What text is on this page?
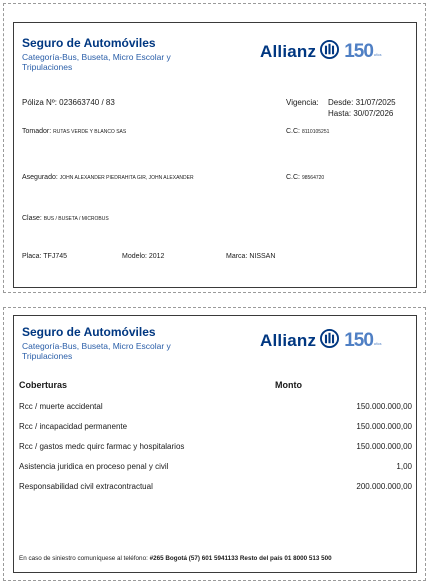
Seguro de Automóviles
Categoría-Bus, Buseta, Micro Escolar y
Tripulaciones
Allianz 150 años
Póliza Nº: 023663740 / 83	Vigencia: Desde: 31/07/2025
Hasta: 30/07/2026
Tomador: RUTAS VERDE Y BLANCO SAS	C.C: 8110105251
Asegurado: JOHN ALEXANDER PIEDRAHITA GIR, JOHN ALEXANDER	C.C: 98564720
Clase: BUS / BUSETA / MICROBUS
Placa: TFJ745	Modelo: 2012	Marca: NISSAN
Seguro de Automóviles
Categoría-Bus, Buseta, Micro Escolar y
Tripulaciones
Allianz 150 años
Coberturas	Monto
Rcc / muerte accidental	150.000.000,00
Rcc / incapacidad permanente	150.000.000,00
Rcc / gastos medc quirc farmac y hospitalarios	150.000.000,00
Asistencia juridica en proceso penal y civil	1,00
Responsabilidad civil extracontractual	200.000.000,00
En caso de siniestro comuníquese al teléfono: #265 Bogotá (57) 601 5941133 Resto del país 01 8000 513 500
